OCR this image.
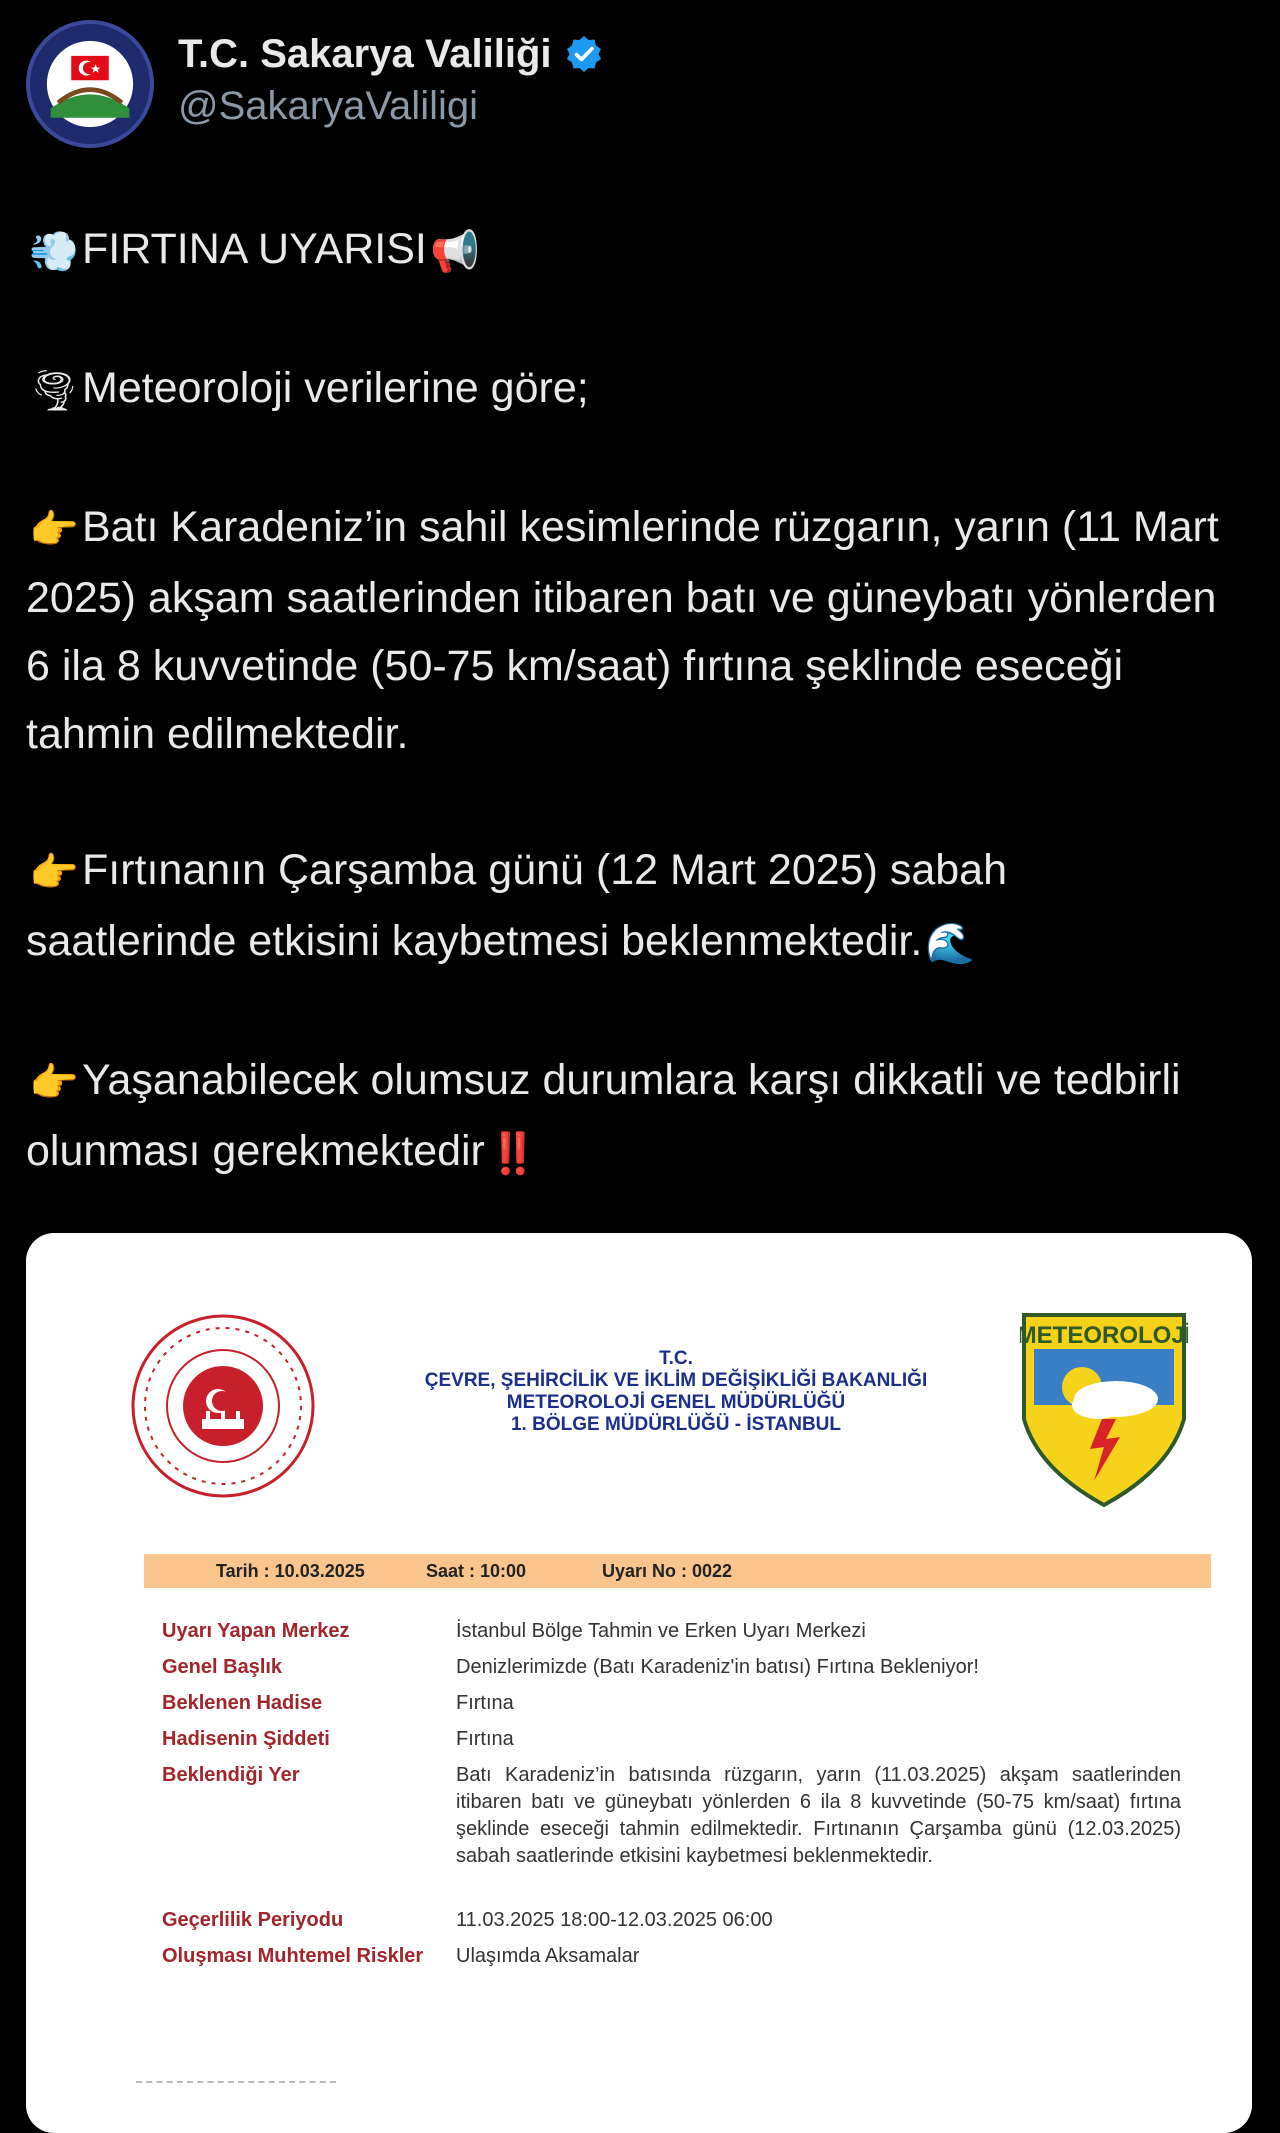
T.C. Sakarya Valiliği
@SakaryaValiligi

💨FIRTINA UYARISI📢

🌪Meteoroloji verilerine göre;

👉Batı Karadeniz’in sahil kesimlerinde rüzgarın, yarın (11 Mart 2025) akşam saatlerinden itibaren batı ve güneybatı yönlerden 6 ila 8 kuvvetinde (50-75 km/saat) fırtına şeklinde eseceği tahmin edilmektedir.

👉Fırtınanın Çarşamba günü (12 Mart 2025) sabah saatlerinde etkisini kaybetmesi beklenmektedir.🌊

👉Yaşanabilecek olumsuz durumlara karşı dikkatli ve tedbirli olunması gerekmektedir‼️

T.C.
ÇEVRE, ŞEHİRCİLİK VE İKLİM DEĞİŞİKLİĞİ BAKANLIĞI
METEOROLOJİ GENEL MÜDÜRLÜĞÜ
1. BÖLGE MÜDÜRLÜĞÜ - İSTANBUL
METEOROLOJİ
Tarih : 10.03.2025	Saat : 10:00	Uyarı No : 0022
Uyarı Yapan Merkez	İstanbul Bölge Tahmin ve Erken Uyarı Merkezi
Genel Başlık	Denizlerimizde (Batı Karadeniz'in batısı) Fırtına Bekleniyor!
Beklenen Hadise	Fırtına
Hadisenin Şiddeti	Fırtına
Beklendiği Yer	Batı Karadeniz’in batısında rüzgarın, yarın (11.03.2025) akşam saatlerinden itibaren batı ve güneybatı yönlerden 6 ila 8 kuvvetinde (50-75 km/saat) fırtına şeklinde eseceği tahmin edilmektedir. Fırtınanın Çarşamba günü (12.03.2025) sabah saatlerinde etkisini kaybetmesi beklenmektedir.
Geçerlilik Periyodu	11.03.2025 18:00-12.03.2025 06:00
Oluşması Muhtemel Riskler	Ulaşımda Aksamalar
